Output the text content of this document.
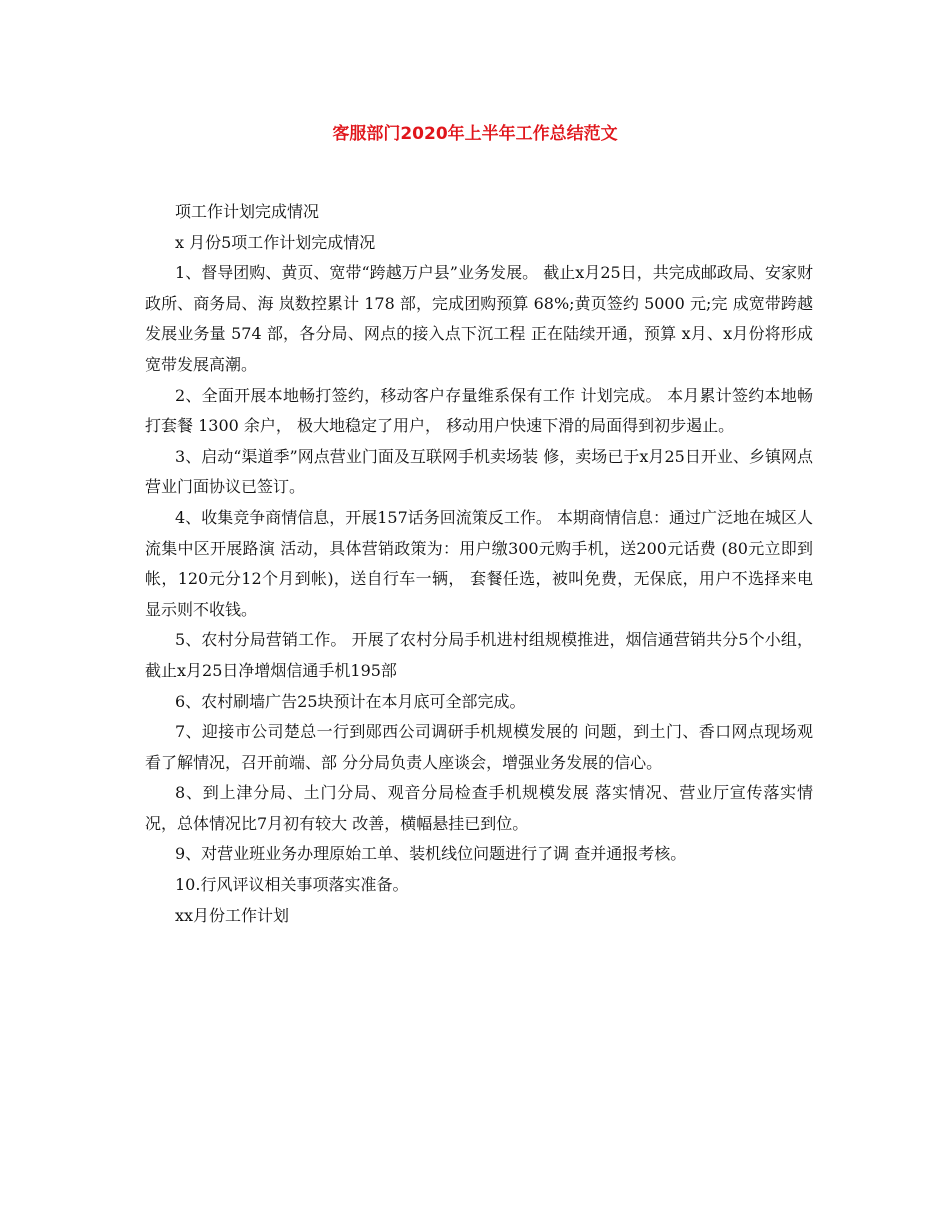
客服部门2020年上半年工作总结范文

项工作计划完成情况

x 月份5项工作计划完成情况

1、督导团购、黄页、宽带“跨越万户县”业务发展。 截止x月25日，共完成邮政局、安家财政所、商务局、海 岚数控累计 178 部，完成团购预算 68%;黄页签约 5000 元;完 成宽带跨越发展业务量 574 部，各分局、网点的接入点下沉工程 正在陆续开通，预算 x月、x月份将形成宽带发展高潮。

2、全面开展本地畅打签约，移动客户存量维系保有工作 计划完成。 本月累计签约本地畅打套餐 1300 余户， 极大地稳定了用户， 移动用户快速下滑的局面得到初步遏止。

3、启动“渠道季”网点营业门面及互联网手机卖场装 修，卖场已于x月25日开业、乡镇网点营业门面协议已签订。

4、收集竞争商情信息，开展157话务回流策反工作。 本期商情信息：通过广泛地在城区人流集中区开展路演 活动，具体营销政策为：用户缴300元购手机，送200元话费 (80元立即到帐，120元分12个月到帐)，送自行车一辆， 套餐任选，被叫免费，无保底，用户不选择来电显示则不收钱。

5、农村分局营销工作。 开展了农村分局手机进村组规模推进，烟信通营销共分5个小组，截止x月25日净增烟信通手机195部

6、农村刷墙广告25块预计在本月底可全部完成。

7、迎接市公司楚总一行到郧西公司调研手机规模发展的 问题，到土门、香口网点现场观看了解情况，召开前端、部 分分局负责人座谈会，增强业务发展的信心。

8、到上津分局、土门分局、观音分局检查手机规模发展 落实情况、营业厅宣传落实情况，总体情况比7月初有较大 改善，横幅悬挂已到位。

9、对营业班业务办理原始工单、装机线位问题进行了调 查并通报考核。

10.行风评议相关事项落实准备。

xx月份工作计划
